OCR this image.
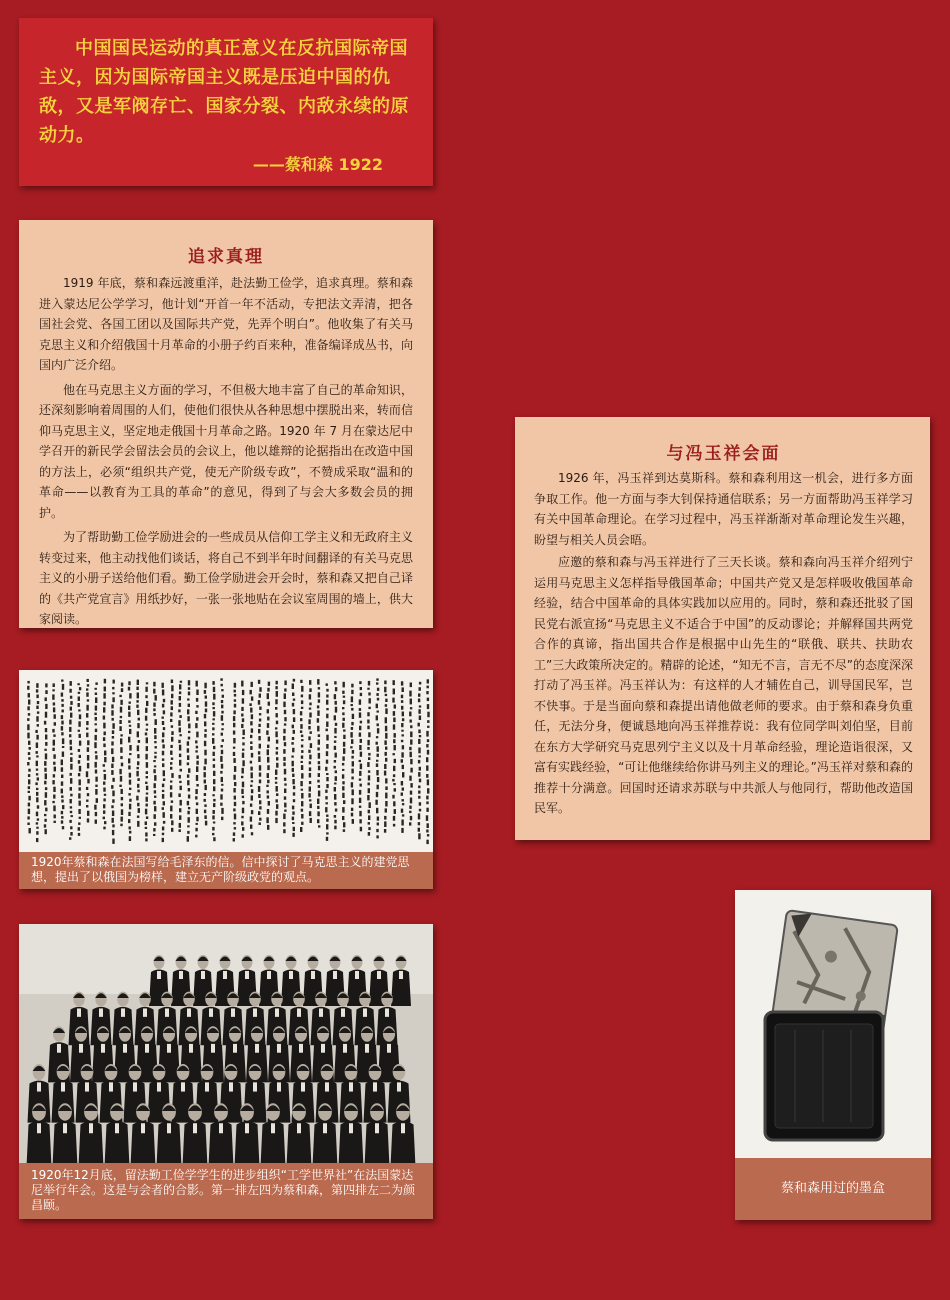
中国国民运动的真正意义在反抗国际帝国主义，因为国际帝国主义既是压迫中国的仇敌，又是军阀存亡、国家分裂、内敌永续的原动力。

——蔡和森 1922
追求真理

1919 年底，蔡和森远渡重洋，赴法勤工俭学，追求真理。蔡和森进入蒙达尼公学学习，他计划“开首一年不活动，专把法文弄清，把各国社会党、各国工团以及国际共产党，先弄个明白”。他收集了有关马克思主义和介绍俄国十月革命的小册子约百来种，准备编译成丛书，向国内广泛介绍。

他在马克思主义方面的学习，不但极大地丰富了自己的革命知识，还深刻影响着周围的人们，使他们很快从各种思想中摆脱出来，转而信仰马克思主义，坚定地走俄国十月革命之路。1920 年 7 月在蒙达尼中学召开的新民学会留法会员的会议上，他以雄辩的论据指出在改造中国的方法上，必须“组织共产党，使无产阶级专政”，不赞成采取“温和的革命——以教育为工具的革命”的意见，得到了与会大多数会员的拥护。

为了帮助勤工俭学励进会的一些成员从信仰工学主义和无政府主义转变过来，他主动找他们谈话，将自己不到半年时间翻译的有关马克思主义的小册子送给他们看。勤工俭学励进会开会时，蔡和森又把自己译的《共产党宣言》用纸抄好，一张一张地贴在会议室周围的墙上，供大家阅读。

与冯玉祥会面

1926 年，冯玉祥到达莫斯科。蔡和森利用这一机会，进行多方面争取工作。他一方面与李大钊保持通信联系；另一方面帮助冯玉祥学习有关中国革命理论。在学习过程中，冯玉祥渐渐对革命理论发生兴趣，盼望与相关人员会晤。

应邀的蔡和森与冯玉祥进行了三天长谈。蔡和森向冯玉祥介绍列宁运用马克思主义怎样指导俄国革命；中国共产党又是怎样吸收俄国革命经验，结合中国革命的具体实践加以应用的。同时，蔡和森还批驳了国民党右派宣扬“马克思主义不适合于中国”的反动谬论；并解释国共两党合作的真谛，指出国共合作是根据中山先生的“联俄、联共、扶助农工”三大政策所决定的。精辟的论述，“知无不言，言无不尽”的态度深深打动了冯玉祥。冯玉祥认为：有这样的人才辅佐自己，训导国民军，岂不快事。于是当面向蔡和森提出请他做老师的要求。由于蔡和森身负重任，无法分身，便诚恳地向冯玉祥推荐说：我有位同学叫刘伯坚，目前在东方大学研究马克思列宁主义以及十月革命经验，理论造诣很深，又富有实践经验，“可让他继续给你讲马列主义的理论。”冯玉祥对蔡和森的推荐十分满意。回国时还请求苏联与中共派人与他同行，帮助他改造国民军。

1920年蔡和森在法国写给毛泽东的信。信中探讨了马克思主义的建党思想，提出了以俄国为榜样，建立无产阶级政党的观点。
1920年12月底，留法勤工俭学学生的进步组织“工学世界社”在法国蒙达尼举行年会。这是与会者的合影。第一排左四为蔡和森，第四排左二为颜昌颐。
蔡和森用过的墨盒
